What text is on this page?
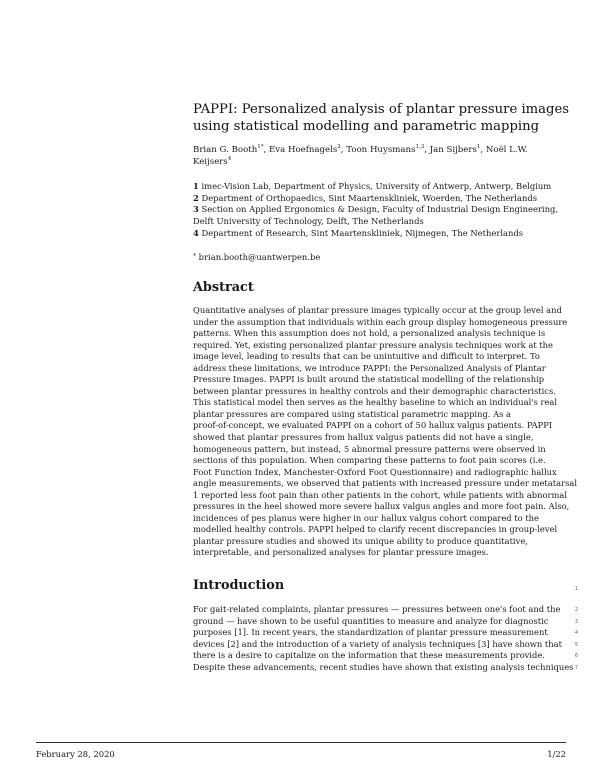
PAPPI: Personalized analysis of plantar pressure images
using statistical modelling and parametric mapping
Brian G. Booth$^{1*}$, Eva Hoefnagels$^2$, Toon Huysmans$^{1,3}$, Jan Sijbers$^1$, Noël L.W.
Keijsers$^4$
1 imec-Vision Lab, Department of Physics, University of Antwerp, Antwerp, Belgium
2 Department of Orthopaedics, Sint Maartenskliniek, Woerden, The Netherlands
3 Section on Applied Ergonomics & Design, Faculty of Industrial Design Engineering,
Delft University of Technology, Delft, The Netherlands
4 Department of Research, Sint Maartenskliniek, Nijmegen, The Netherlands
* brian.booth@uantwerpen.be
Abstract
Quantitative analyses of plantar pressure images typically occur at the group level and
under the assumption that individuals within each group display homogeneous pressure
patterns. When this assumption does not hold, a personalized analysis technique is
required. Yet, existing personalized plantar pressure analysis techniques work at the
image level, leading to results that can be unintuitive and difficult to interpret. To
address these limitations, we introduce PAPPI: the Personalized Analysis of Plantar
Pressure Images. PAPPI is built around the statistical modelling of the relationship
between plantar pressures in healthy controls and their demographic characteristics.
This statistical model then serves as the healthy baseline to which an individual's real
plantar pressures are compared using statistical parametric mapping. As a
proof-of-concept, we evaluated PAPPI on a cohort of 50 hallux valgus patients. PAPPI
showed that plantar pressures from hallux valgus patients did not have a single,
homogeneous pattern, but instead, 5 abnormal pressure patterns were observed in
sections of this population. When comparing these patterns to foot pain scores (i.e.
Foot Function Index, Manchester-Oxford Foot Questionnaire) and radiographic hallux
angle measurements, we observed that patients with increased pressure under metatarsal
1 reported less foot pain than other patients in the cohort, while patients with abnormal
pressures in the heel showed more severe hallux valgus angles and more foot pain. Also,
incidences of pes planus were higher in our hallux valgus cohort compared to the
modelled healthy controls. PAPPI helped to clarify recent discrepancies in group-level
plantar pressure studies and showed its unique ability to produce quantitative,
interpretable, and personalized analyses for plantar pressure images.
Introduction
For gait-related complaints, plantar pressures — pressures between one's foot and the
ground — have shown to be useful quantities to measure and analyze for diagnostic
purposes [1]. In recent years, the standardization of plantar pressure measurement
devices [2] and the introduction of a variety of analysis techniques [3] have shown that
there is a desire to capitalize on the information that these measurements provide.
Despite these advancements, recent studies have shown that existing analysis techniques
1
2
3
4
5
6
7
February 28, 2020	1/22
